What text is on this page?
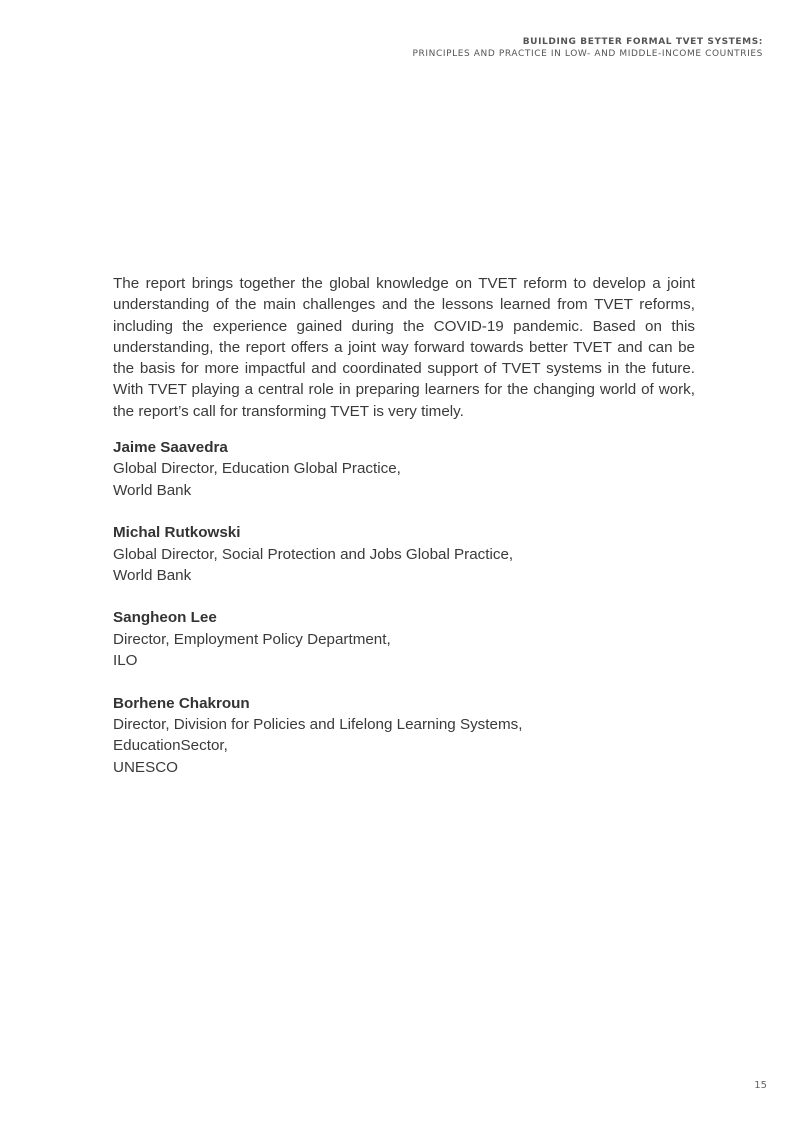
BUILDING BETTER FORMAL TVET SYSTEMS:
PRINCIPLES AND PRACTICE IN LOW- AND MIDDLE-INCOME COUNTRIES

The report brings together the global knowledge on TVET reform to develop a joint understanding of the main challenges and the lessons learned from TVET reforms, including the experience gained during the COVID-19 pandemic. Based on this understanding, the report offers a joint way forward towards better TVET and can be the basis for more impactful and coordinated support of TVET systems in the future. With TVET playing a central role in preparing learners for the changing world of work, the report’s call for transforming TVET is very timely.

Jaime Saavedra
Global Director, Education Global Practice,
World Bank
Michal Rutkowski
Global Director, Social Protection and Jobs Global Practice,
World Bank
Sangheon Lee
Director, Employment Policy Department,
ILO
Borhene Chakroun
Director, Division for Policies and Lifelong Learning Systems,
EducationSector,
UNESCO
15
